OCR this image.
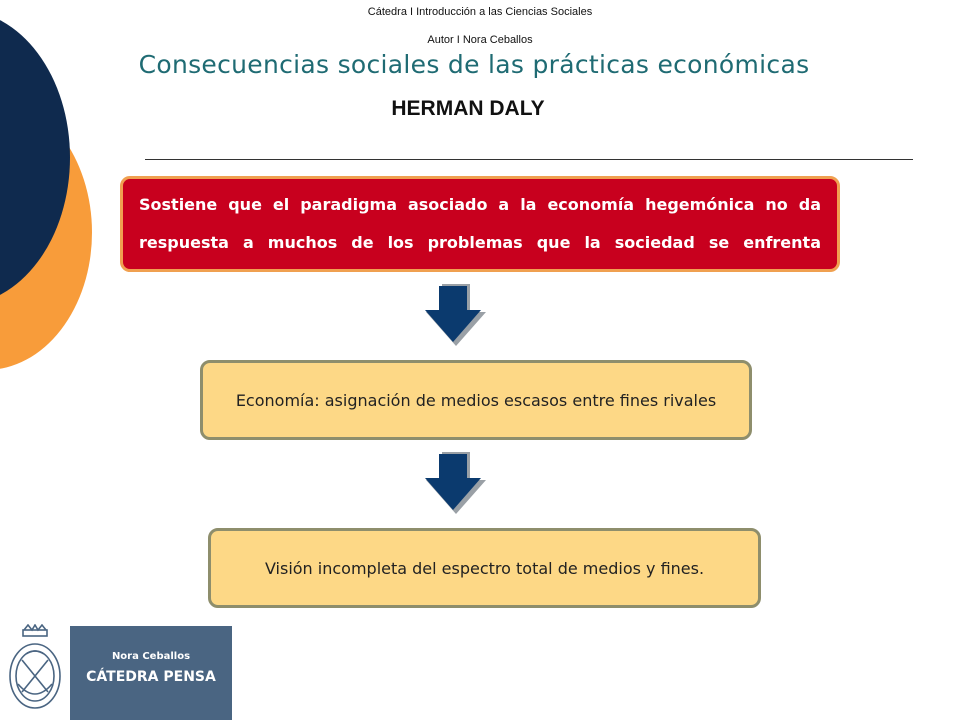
Cátedra I Introducción a las Ciencias Sociales
Autor I Nora Ceballos
Consecuencias sociales de las prácticas económicas
HERMAN DALY
Sostiene que el paradigma asociado a la economía hegemónica no da respuesta a muchos de los problemas que la sociedad se enfrenta
Economía: asignación de medios escasos entre fines rivales
Visión incompleta del espectro total de medios y fines.
Nora Ceballos
CÁTEDRA PENSA
